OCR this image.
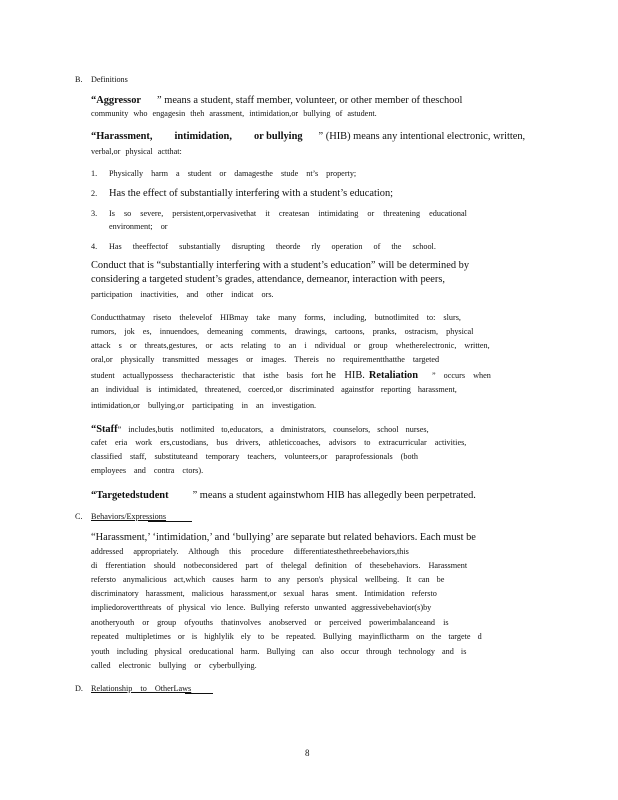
B. Definitions
“Aggressor ” means a student, staff member, volunteer, or other member of theschool
community who engagesin theh arassment, intimidation,or bullying of astudent.
“Harassment, intimidation, or bullying ” (HIB) means any intentional electronic, written,
verbal,or physical actthat:
1. Physically harm a student or damagesthe stude nt’s property;
2. Has the effect of substantially interfering with a student’s education;
3. Is so severe, persistent,orpervasivethat it createsan intimidating or threatening educational
environment; or
4. Has theeffectof substantially disrupting theorde rly operation of the school.
Conduct that is “substantially interfering with a student’s education” will be determined by
considering a targeted student’s grades, attendance, demeanor, interaction with peers,
participation inactivities, and other indicat ors.
Conductthatmay riseto thelevelof HIBmay take many forms, including, butnotlimited to: slurs,
rumors, jok es, innuendoes, demeaning comments, drawings, cartoons, pranks, ostracism, physical
attack s or threats,gestures, or acts relating to an i ndividual or group whetherelectronic, written,
oral,or physically transmitted messages or images. Thereis no requirementthatthe targeted
student actuallypossess thecharacteristic that isthe basis fort he HIB. Retaliation ” occurs when
an individual is intimidated, threatened, coerced,or discriminated againstfor reporting harassment,
intimidation,or bullying,or participating in an investigation.
“Staff” includes,butis notlimited to,educators, a dministrators, counselors, school nurses,
cafet eria work ers,custodians, bus drivers, athleticcoaches, advisors to extracurricular activities,
classified staff, substituteand temporary teachers, volunteers,or paraprofessionals (both
employees and contra ctors).
“Targetedstudent ” means a student againstwhom HIB has allegedly been perpetrated.
C. Behaviors/Expressions
“Harassment,’ ‘intimidation,’ and ‘bullying’ are separate but related behaviors. Each must be
addressed appropriately. Although this procedure differentiatesthethreebehaviors,this
di fferentiation should notbeconsidered part of thelegal definition of thesebehaviors. Harassment
refersto anymalicious act,which causes harm to any person's physical wellbeing. It can be
discriminatory harassment, malicious harassment,or sexual haras sment. Intimidation refersto
impliedorovertthreats of physical vio lence. Bullying refersto unwanted aggressivebehavior(s)by
anotheryouth or group ofyouths thatinvolves anobserved or perceived powerimbalanceand is
repeated multipletimes or is highlylik ely to be repeated. Bullying mayinflictharm on the targete d
youth including physical oreducational harm. Bullying can also occur through technology and is
called electronic bullying or cyberbullying.
D. Relationship to OtherLaws
8
